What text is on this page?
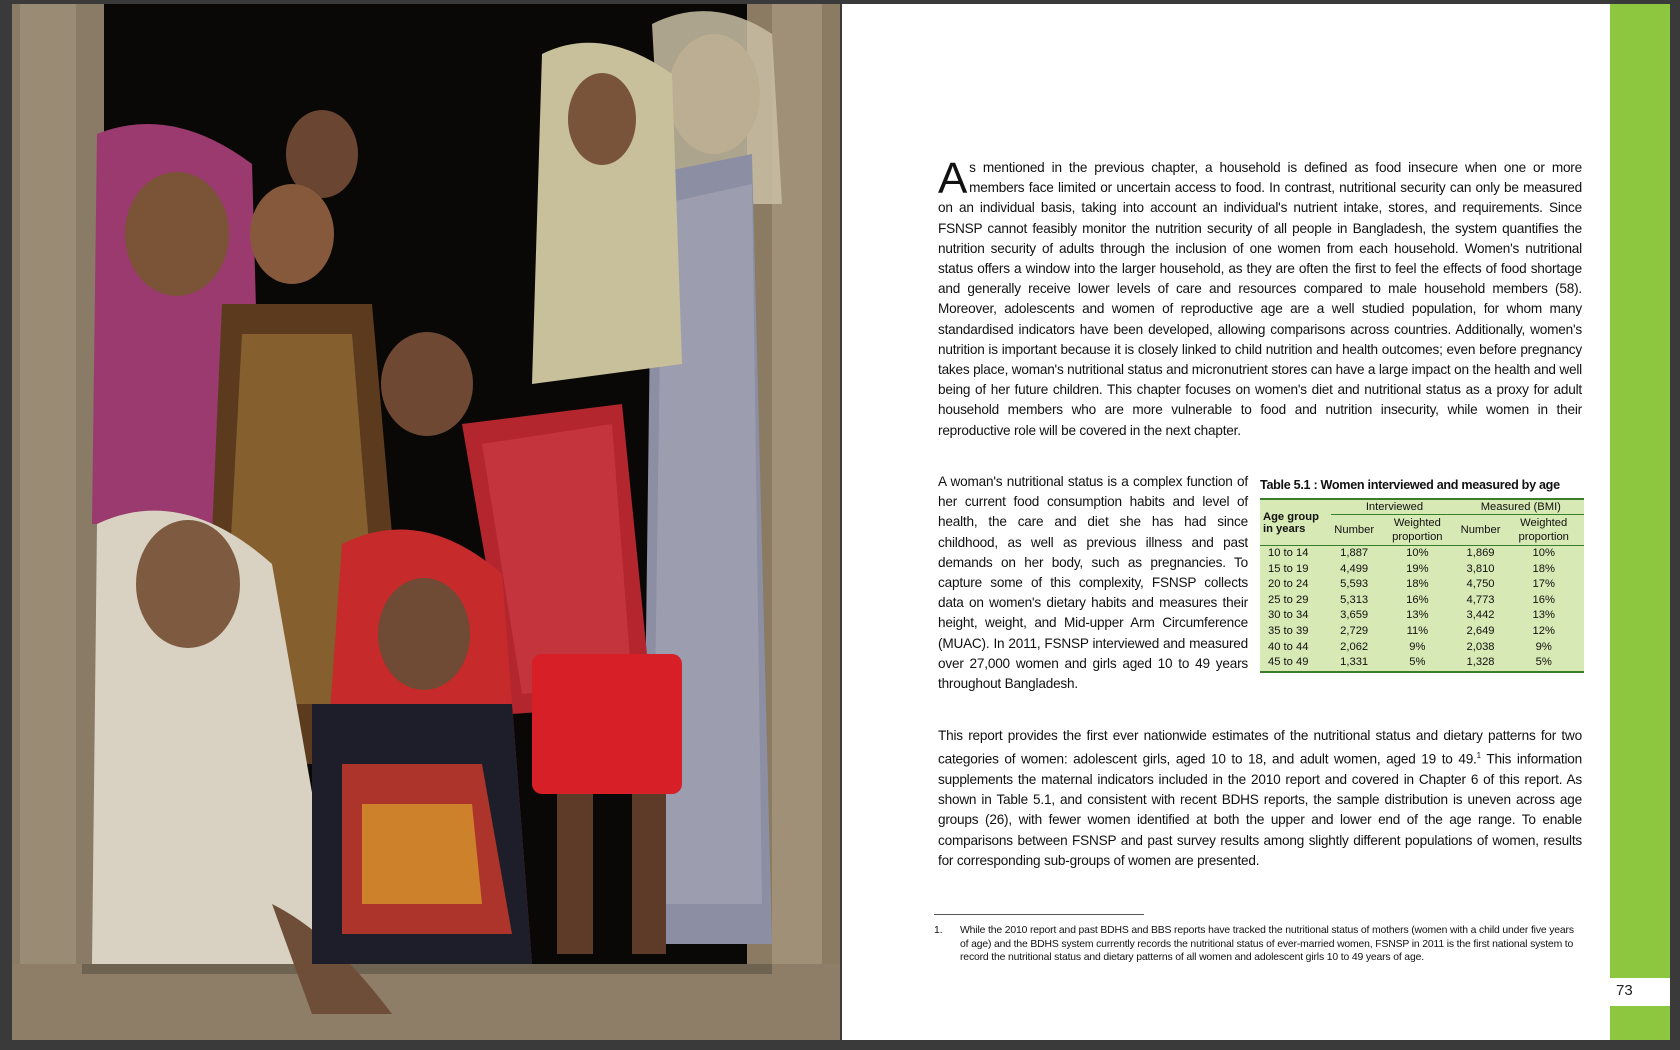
As mentioned in the previous chapter, a household is defined as food insecure when one or more members face limited or uncertain access to food. In contrast, nutritional security can only be measured on an individual basis, taking into account an individual's nutrient intake, stores, and requirements. Since FSNSP cannot feasibly monitor the nutrition security of all people in Bangladesh, the system quantifies the nutrition security of adults through the inclusion of one women from each household. Women's nutritional status offers a window into the larger household, as they are often the first to feel the effects of food shortage and generally receive lower levels of care and resources compared to male household members (58). Moreover, adolescents and women of reproductive age are a well studied population, for whom many standardised indicators have been developed, allowing comparisons across countries. Additionally, women's nutrition is important because it is closely linked to child nutrition and health outcomes; even before pregnancy takes place, woman's nutritional status and micronutrient stores can have a large impact on the health and well being of her future children. This chapter focuses on women's diet and nutritional status as a proxy for adult household members who are more vulnerable to food and nutrition insecurity, while women in their reproductive role will be covered in the next chapter.

A woman's nutritional status is a complex function of her current food consumption habits and level of health, the care and diet she has had since childhood, as well as previous illness and past demands on her body, such as pregnancies. To capture some of this complexity, FSNSP collects data on women's dietary habits and measures their height, weight, and Mid-upper Arm Circumference (MUAC). In 2011, FSNSP interviewed and measured over 27,000 women and girls aged 10 to 49 years throughout Bangladesh.

Table 5.1 : Women interviewed and measured by age

Age group in years	Interviewed		Measured (BMI)	
	Number	Weighted proportion	Number	Weighted proportion
10 to 14	1,887	10%	1,869	10%
15 to 19	4,499	19%	3,810	18%
20 to 24	5,593	18%	4,750	17%
25 to 29	5,313	16%	4,773	16%
30 to 34	3,659	13%	3,442	13%
35 to 39	2,729	11%	2,649	12%
40 to 44	2,062	9%	2,038	9%
45 to 49	1,331	5%	1,328	5%

This report provides the first ever nationwide estimates of the nutritional status and dietary patterns for two categories of women: adolescent girls, aged 10 to 18, and adult women, aged 19 to 49.$^1$ This information supplements the maternal indicators included in the 2010 report and covered in Chapter 6 of this report. As shown in Table 5.1, and consistent with recent BDHS reports, the sample distribution is uneven across age groups (26), with fewer women identified at both the upper and lower end of the age range. To enable comparisons between FSNSP and past survey results among slightly different populations of women, results for corresponding sub-groups of women are presented.

1. While the 2010 report and past BDHS and BBS reports have tracked the nutritional status of mothers (women with a child under five years of age) and the BDHS system currently records the nutritional status of ever-married women, FSNSP in 2011 is the first national system to record the nutritional status and dietary patterns of all women and adolescent girls 10 to 49 years of age.
73
